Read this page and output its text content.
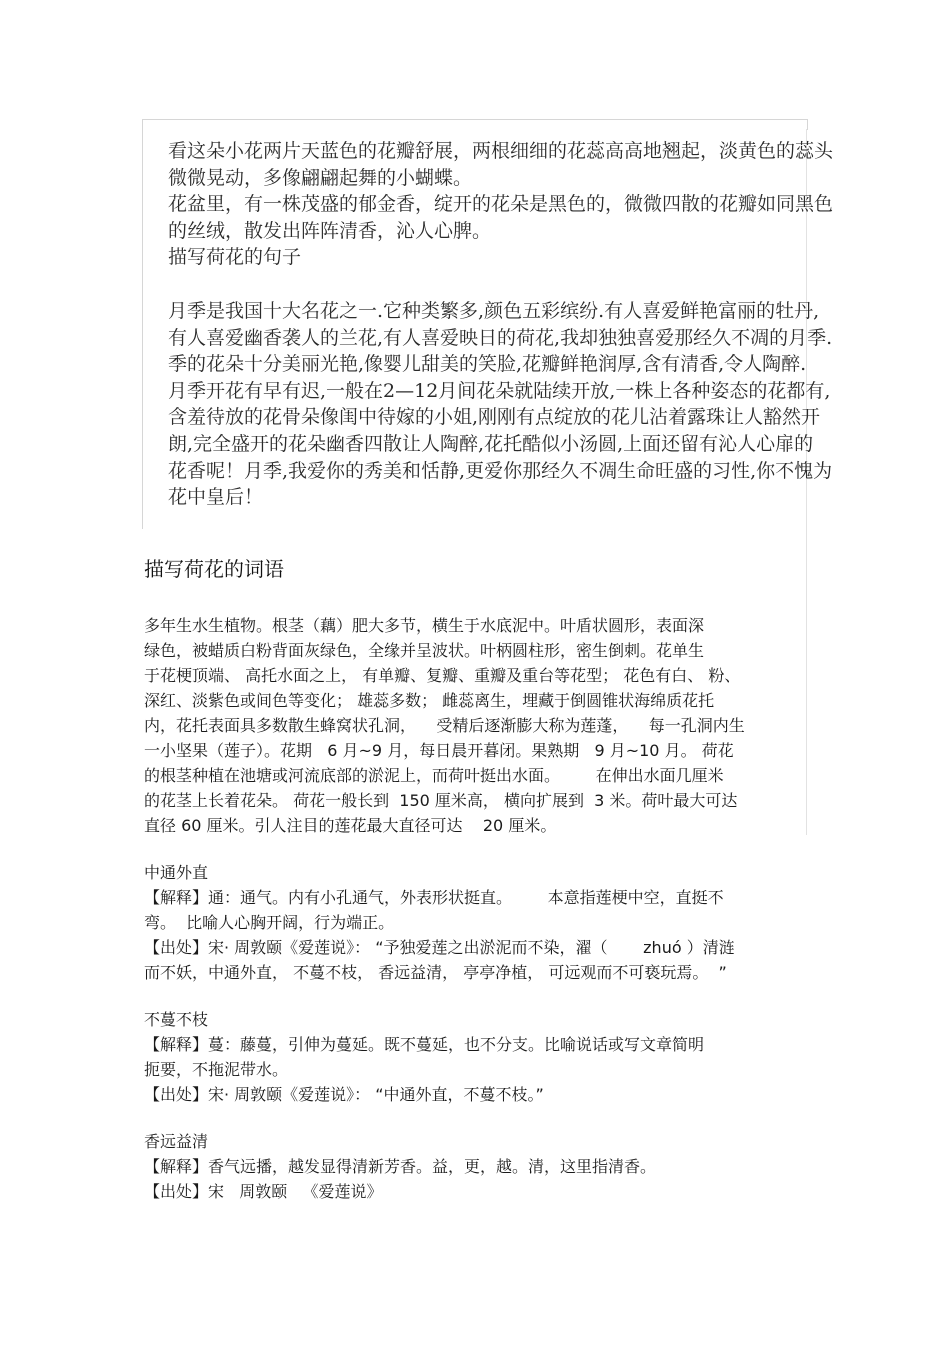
看这朵小花两片天蓝色的花瓣舒展，两根细细的花蕊高高地翘起，淡黄色的蕊头

微微晃动，多像翩翩起舞的小蝴蝶。

花盆里，有一株茂盛的郁金香，绽开的花朵是黑色的，微微四散的花瓣如同黑色

的丝绒，散发出阵阵清香，沁人心脾。

描写荷花的句子

月季是我国十大名花之一.它种类繁多,颜色五彩缤纷.有人喜爱鲜艳富丽的牡丹,

有人喜爱幽香袭人的兰花,有人喜爱映日的荷花,我却独独喜爱那经久不凋的月季.

季的花朵十分美丽光艳,像婴儿甜美的笑脸,花瓣鲜艳润厚,含有清香,令人陶醉.

月季开花有早有迟,一般在2—12月间花朵就陆续开放,一株上各种姿态的花都有,

含羞待放的花骨朵像闺中待嫁的小姐,刚刚有点绽放的花儿沾着露珠让人豁然开

朗,完全盛开的花朵幽香四散让人陶醉,花托酷似小汤圆,上面还留有沁人心扉的

花香呢！月季,我爱你的秀美和恬静,更爱你那经久不凋生命旺盛的习性,你不愧为

花中皇后！

描写荷花的词语

多年生水生植物。根茎（藕）肥大多节，横生于水底泥中。叶盾状圆形，表面深

绿色，被蜡质白粉背面灰绿色，全缘并呈波状。叶柄圆柱形，密生倒刺。花单生

于花梗顶端、 高托水面之上， 有单瓣、复瓣、重瓣及重台等花型； 花色有白、 粉、

深红、淡紫色或间色等变化； 雄蕊多数； 雌蕊离生，埋藏于倒圆锥状海绵质花托

内，花托表面具多数散生蜂窝状孔洞，    受精后逐渐膨大称为莲蓬，    每一孔洞内生

一小坚果（莲子）。花期   6 月~9 月，每日晨开暮闭。果熟期   9 月~10 月。 荷花

的根茎种植在池塘或河流底部的淤泥上，而荷叶挺出水面。       在伸出水面几厘米

的花茎上长着花朵。 荷花一般长到  150 厘米高， 横向扩展到  3 米。荷叶最大可达

直径 60 厘米。引人注目的莲花最大直径可达    20 厘米。

中通外直

【解释】通：通气。内有小孔通气，外表形状挺直。       本意指莲梗中空，直挺不

弯。  比喻人心胸开阔，行为端正。

【出处】宋· 周敦颐《爱莲说》： “予独爱莲之出淤泥而不染，濯（       zhuó ）清涟

而不妖，中通外直， 不蔓不枝， 香远益清， 亭亭净植， 可远观而不可亵玩焉。  ”

不蔓不枝

【解释】蔓：藤蔓，引伸为蔓延。既不蔓延，也不分支。比喻说话或写文章简明

扼要，不拖泥带水。

【出处】宋· 周敦颐《爱莲说》： “中通外直，不蔓不枝。”

香远益清

【解释】香气远播，越发显得清新芳香。益，更，越。清，这里指清香。

【出处】宋   周敦颐   《爱莲说》
